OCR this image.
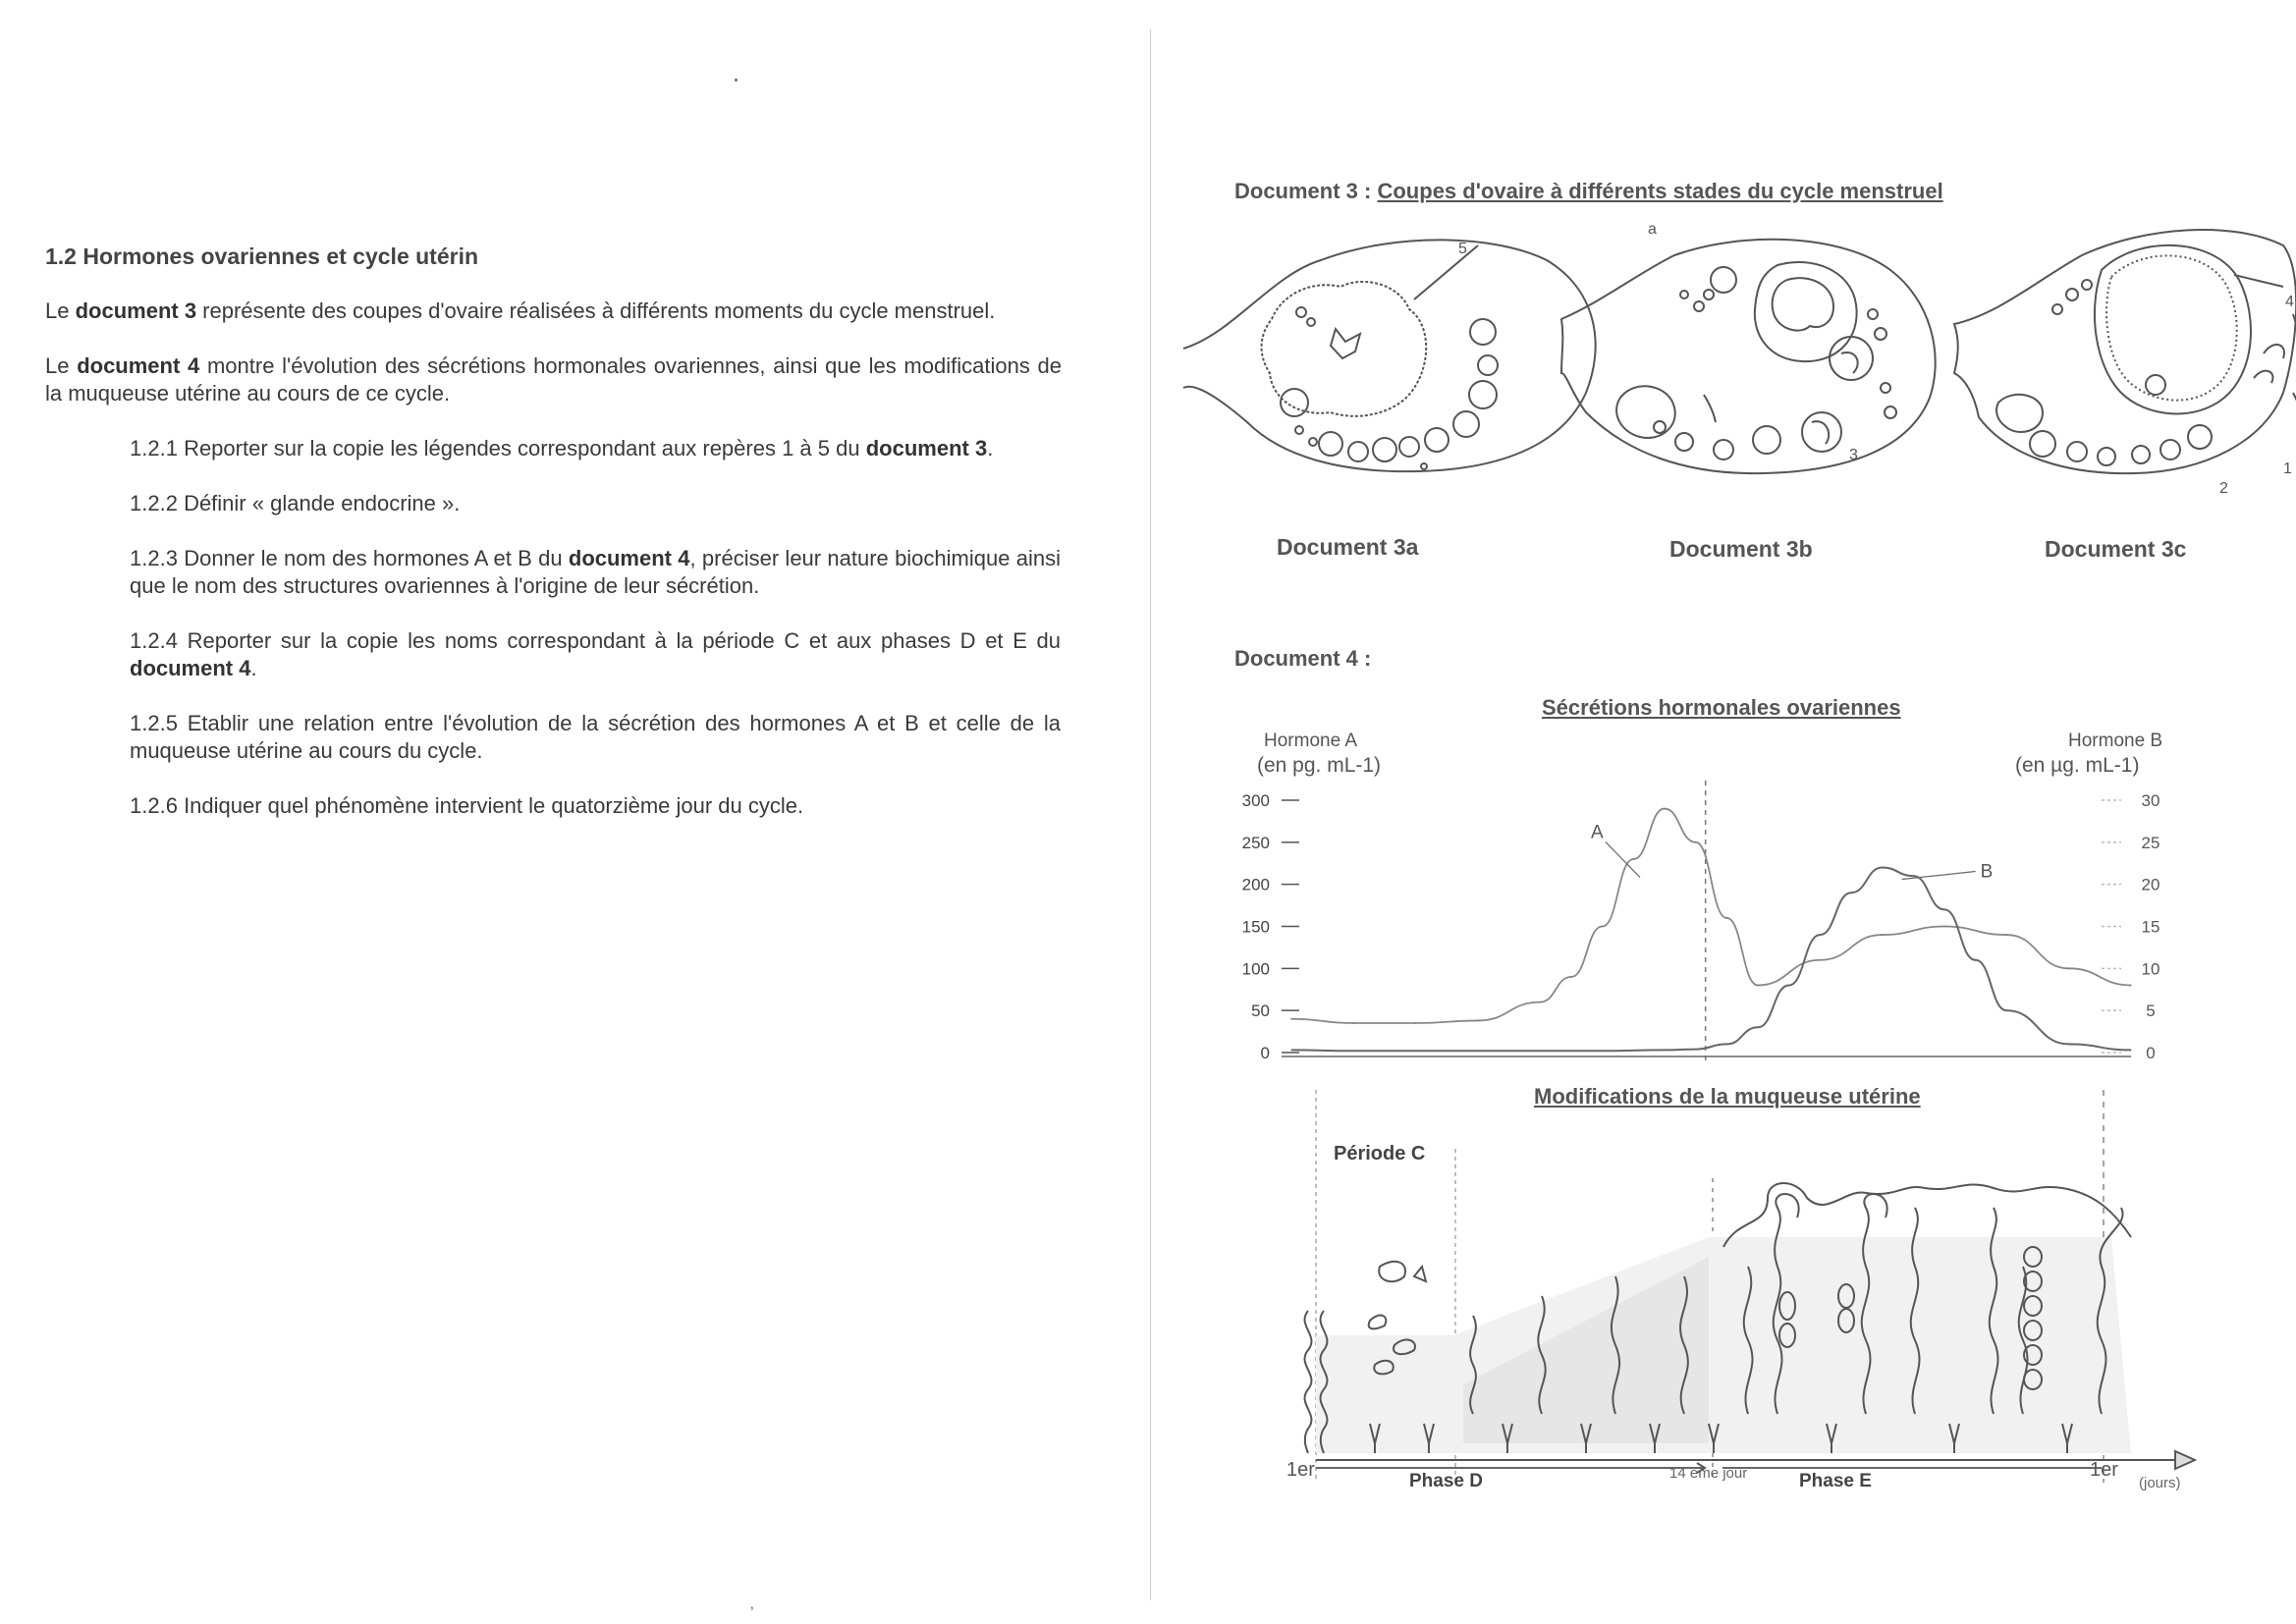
1.2 Hormones ovariennes et cycle utérin
Le document 3 représente des coupes d'ovaire réalisées à différents moments du cycle menstruel.
Le document 4 montre l'évolution des sécrétions hormonales ovariennes, ainsi que les modifications de la muqueuse utérine au cours de ce cycle.
1.2.1 Reporter sur la copie les légendes correspondant aux repères 1 à 5 du document 3.
1.2.2 Définir « glande endocrine ».
1.2.3 Donner le nom des hormones A et B du document 4, préciser leur nature biochimique ainsi que le nom des structures ovariennes à l'origine de leur sécrétion.
1.2.4 Reporter sur la copie les noms correspondant à la période C et aux phases D et E du document 4.
1.2.5 Etablir une relation entre l'évolution de la sécrétion des hormones A et B et celle de la muqueuse utérine au cours du cycle.
1.2.6 Indiquer quel phénomène intervient le quatorzième jour du cycle.
‚
Document 3 : Coupes d'ovaire à différents stades du cycle menstruel
5
a
3
4
1
2
Document 3a	Document 3b	Document 3c
Document 4 :
Sécrétions hormonales ovariennes
Hormone A
(en pg. mL-1)
Hormone B
(en µg. mL-1)
0
50
100
150
200
250
300
0
5
10
15
20
25
30
A
B
Modifications de la muqueuse utérine
Période C
1er
Phase D	14 ème jour	Phase E
1er
(jours)
